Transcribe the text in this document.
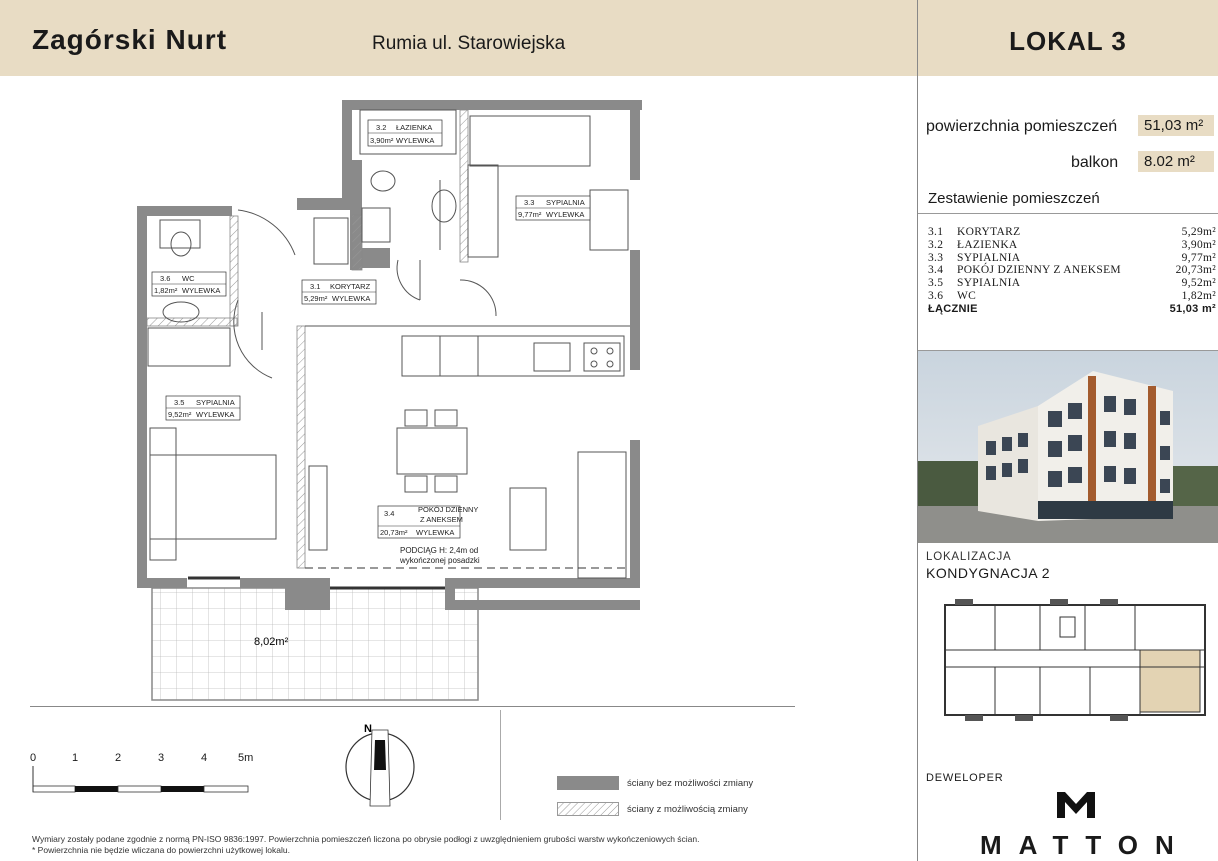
Zagórski Nurt	Rumia ul. Starowiejska	LOKAL 3
powierzchnia pomieszczeń	51,03 m²
balkon	8.02 m²
Zestawienie pomieszczeń
3.1	KORYTARZ	5,29m²
3.2	ŁAZIENKA	3,90m²
3.3	SYPIALNIA	9,77m²
3.4	POKÓJ DZIENNY Z ANEKSEM	20,73m²
3.5	SYPIALNIA	9,52m²
3.6	WC	1,82m²
ŁĄCZNIE	51,03 m²
LOKALIZACJA
KONDYGNACJA 2
DEWELOPER
MATTON
8,02m²
3.2 ŁAZIENKA
3,90m² WYLEWKA
3.3 SYPIALNIA
9,77m² WYLEWKA
3.6 WC
1,82m² WYLEWKA	3.1 KORYTARZ
5,29m² WYLEWKA
3.5 SYPIALNIA
9,52m² WYLEWKA
3.4	POKÓJ DZIENNY
Z ANEKSEM
20,73m² WYLEWKA
PODCIĄG H: 2,4m od
wykończonej posadzki
N
0	1	2	3	4	5m
ściany bez możliwości zmiany
ściany z możliwością zmiany
Wymiary zostały podane zgodnie z normą PN-ISO 9836:1997. Powierzchnia pomieszczeń liczona po obrysie podłogi z uwzględnieniem grubości warstw wykończeniowych ścian.
* Powierzchnia nie będzie wliczana do powierzchni użytkowej lokalu.
